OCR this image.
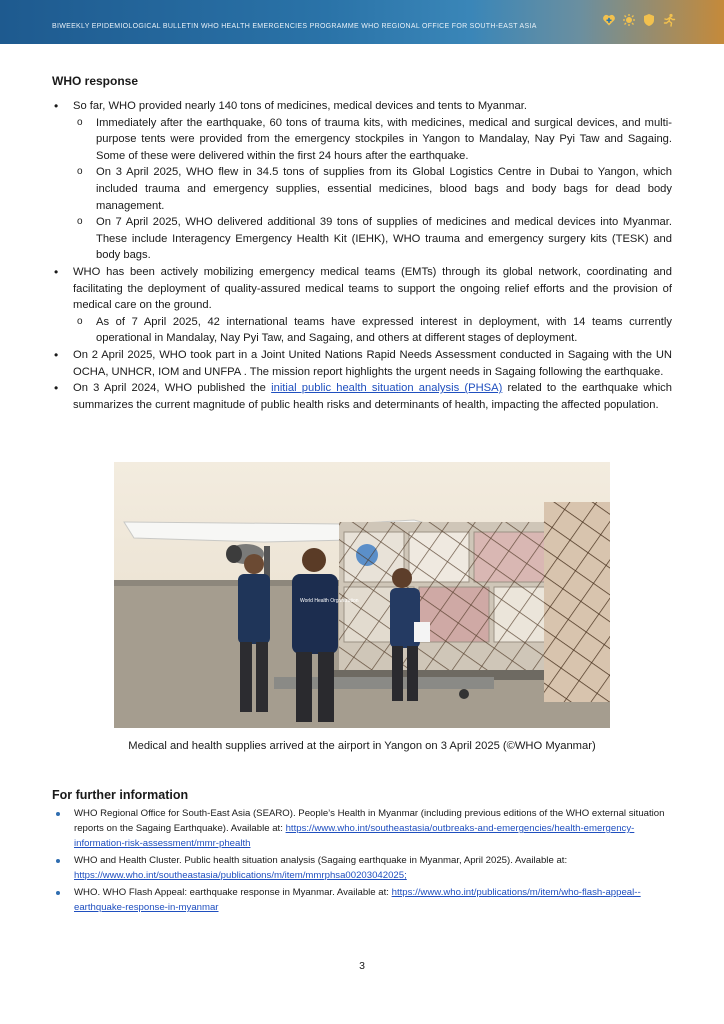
BIWEEKLY EPIDEMIOLOGICAL BULLETIN WHO HEALTH EMERGENCIES PROGRAMME WHO REGIONAL OFFICE FOR SOUTH-EAST ASIA
WHO response
• So far, WHO provided nearly 140 tons of medicines, medical devices and tents to Myanmar.
o Immediately after the earthquake, 60 tons of trauma kits, with medicines, medical and surgical devices, and multi-purpose tents were provided from the emergency stockpiles in Yangon to Mandalay, Nay Pyi Taw and Sagaing. Some of these were delivered within the first 24 hours after the earthquake.
o On 3 April 2025, WHO flew in 34.5 tons of supplies from its Global Logistics Centre in Dubai to Yangon, which included trauma and emergency supplies, essential medicines, blood bags and body bags for dead body management.
o On 7 April 2025, WHO delivered additional 39 tons of supplies of medicines and medical devices into Myanmar. These include Interagency Emergency Health Kit (IEHK), WHO trauma and emergency surgery kits (TESK) and body bags.
• WHO has been actively mobilizing emergency medical teams (EMTs) through its global network, coordinating and facilitating the deployment of quality-assured medical teams to support the ongoing relief efforts and the provision of medical care on the ground.
o As of 7 April 2025, 42 international teams have expressed interest in deployment, with 14 teams currently operational in Mandalay, Nay Pyi Taw, and Sagaing, and others at different stages of deployment.
• On 2 April 2025, WHO took part in a Joint United Nations Rapid Needs Assessment conducted in Sagaing with the UN OCHA, UNHCR, IOM and UNFPA . The mission report highlights the urgent needs in Sagaing following the earthquake.
• On 3 April 2024, WHO published the initial public health situation analysis (PHSA) related to the earthquake which summarizes the current magnitude of public health risks and determinants of health, impacting the affected population.
World Health Organization
Medical and health supplies arrived at the airport in Yangon on 3 April 2025 (©WHO Myanmar)
For further information
WHO Regional Office for South-East Asia (SEARO). People’s Health in Myanmar (including previous editions of the WHO external situation reports on the Sagaing Earthquake). Available at: https://www.who.int/southeastasia/outbreaks-and-emergencies/health-emergency-information-risk-assessment/mmr-phealth
WHO and Health Cluster. Public health situation analysis (Sagaing earthquake in Myanmar, April 2025). Available at: https://www.who.int/southeastasia/publications/m/item/mmrphsa00203042025;
WHO. WHO Flash Appeal: earthquake response in Myanmar. Available at: https://www.who.int/publications/m/item/who-flash-appeal--earthquake-response-in-myanmar
3
